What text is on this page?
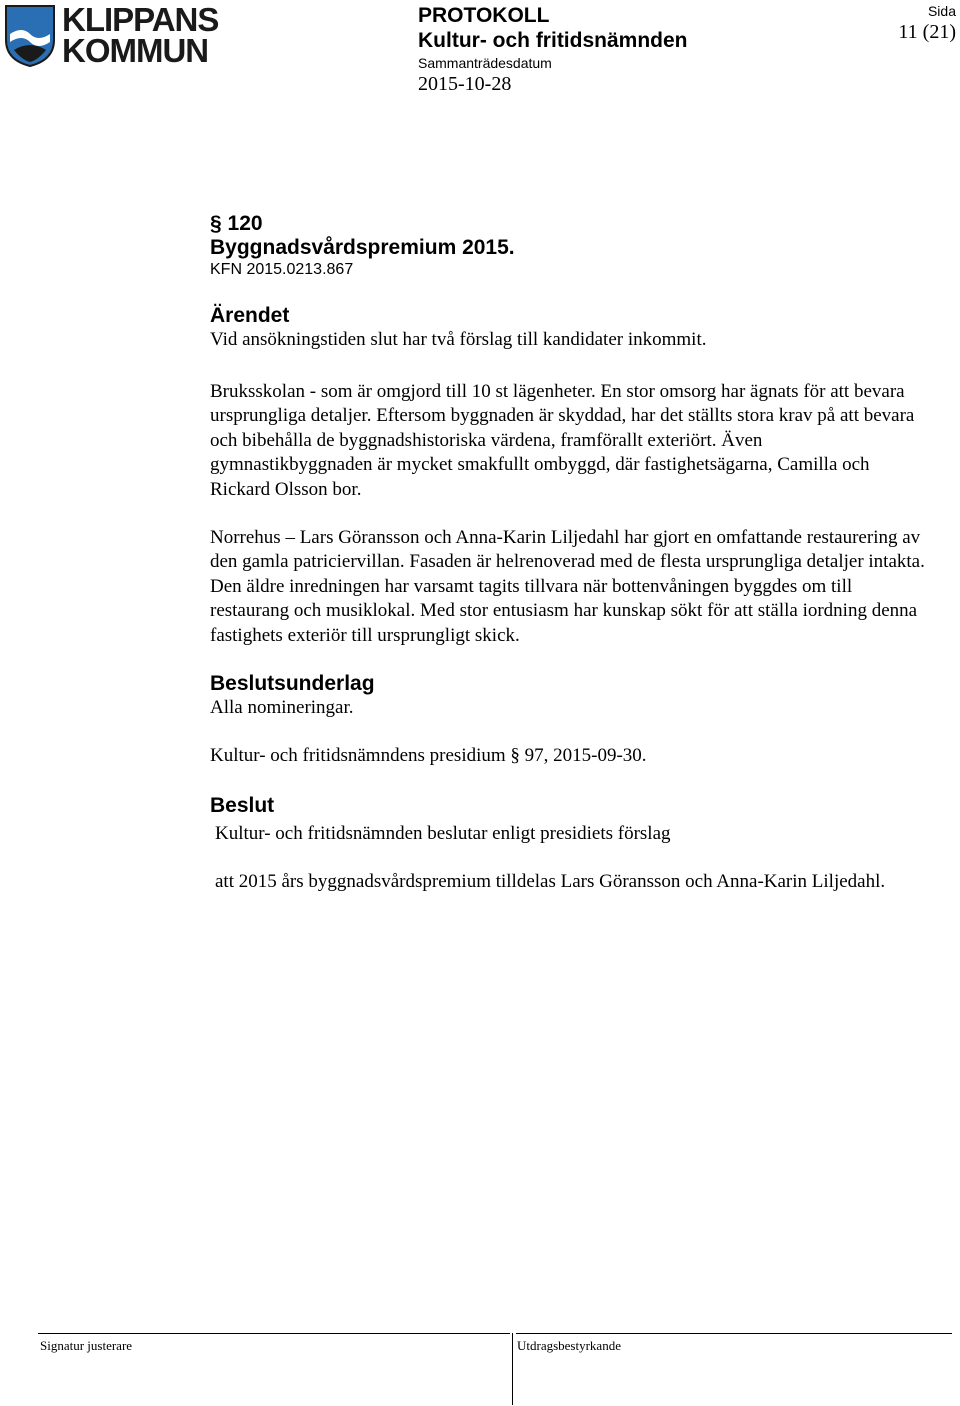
KLIPPANS
KOMMUN
PROTOKOLL
Kultur- och fritidsnämnden
Sammanträdesdatum
2015-10-28
Sida
11 (21)
§ 120
Byggnadsvårdspremium 2015.
KFN 2015.0213.867
Ärendet
Vid ansökningstiden slut har två förslag till kandidater inkommit.
Bruksskolan - som är omgjord till 10 st lägenheter. En stor omsorg har ägnats för att bevara ursprungliga detaljer. Eftersom byggnaden är skyddad, har det ställts stora krav på att bevara och bibehålla de byggnadshistoriska värdena, framförallt exteriört. Även gymnastikbyggnaden är mycket smakfullt ombyggd, där fastighetsägarna, Camilla och Rickard Olsson bor.
Norrehus – Lars Göransson och Anna-Karin Liljedahl har gjort en omfattande restaurering av den gamla patriciervillan. Fasaden är helrenoverad med de flesta ursprungliga detaljer intakta. Den äldre inredningen har varsamt tagits tillvara när bottenvåningen byggdes om till restaurang och musiklokal. Med stor entusiasm har kunskap sökt för att ställa iordning denna fastighets exteriör till ursprungligt skick.
Beslutsunderlag
Alla nomineringar.
Kultur- och fritidsnämndens presidium § 97, 2015-09-30.
Beslut
Kultur- och fritidsnämnden beslutar enligt presidiets förslag
att 2015 års byggnadsvårdspremium tilldelas Lars Göransson och Anna-Karin Liljedahl.
Signatur justerare	Utdragsbestyrkande
